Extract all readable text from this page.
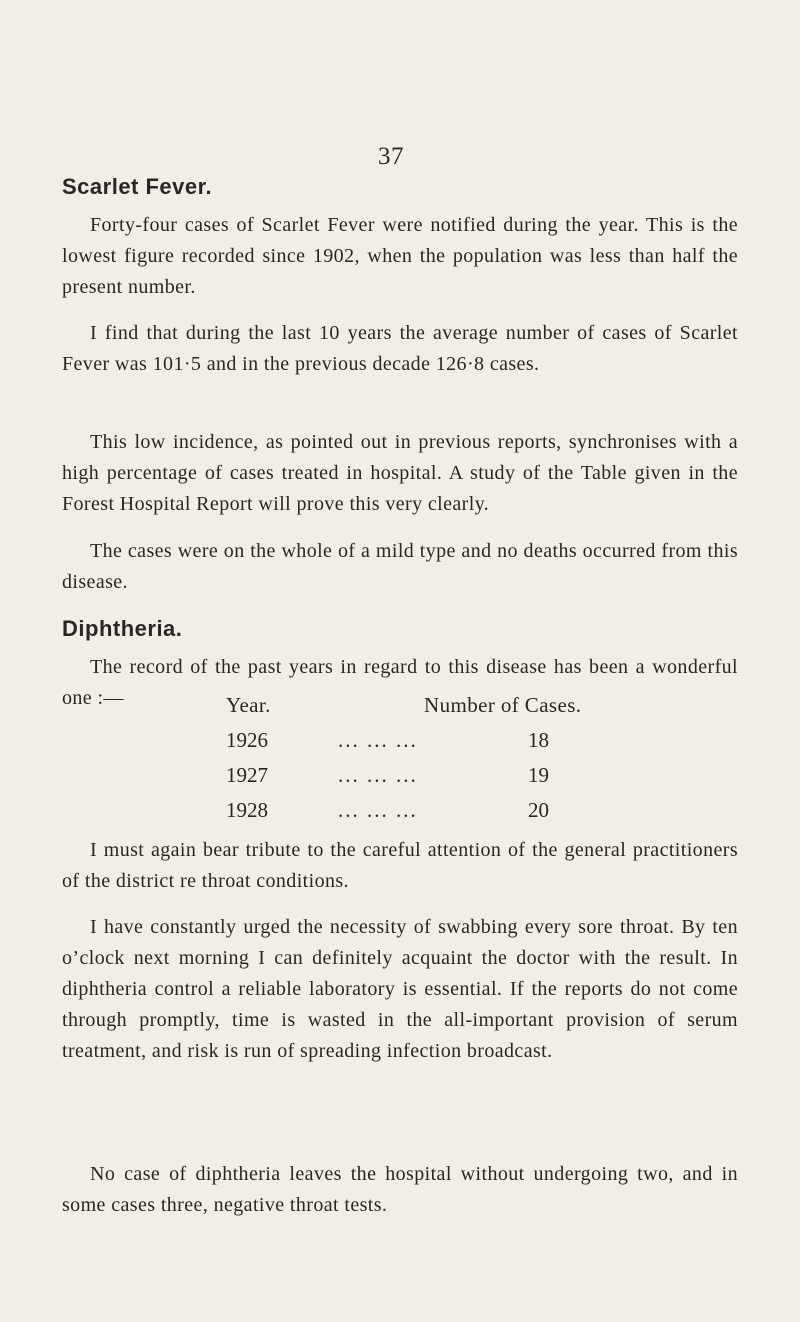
37
Scarlet Fever.

Forty-four cases of Scarlet Fever were notified during the year. This is the lowest figure recorded since 1902, when the population was less than half the present number.

I find that during the last 10 years the average number of cases of Scarlet Fever was 101·5 and in the previous decade 126·8 cases.

This low incidence, as pointed out in previous reports, synchronises with a high percentage of cases treated in hospital. A study of the Table given in the Forest Hospital Report will prove this very clearly.

The cases were on the whole of a mild type and no deaths occurred from this disease.

Diphtheria.

The record of the past years in regard to this disease has been a wonderful one :—	Year.	Number of Cases.
1926	... ... ...	18
1927	... ... ...	19
1928	... ... ...	20

I must again bear tribute to the careful attention of the general practitioners of the district re throat conditions.

I have constantly urged the necessity of swabbing every sore throat. By ten o’clock next morning I can definitely acquaint the doctor with the result. In diphtheria control a reliable laboratory is essential. If the reports do not come through promptly, time is wasted in the all-important provision of serum treatment, and risk is run of spreading infection broadcast.

No case of diphtheria leaves the hospital without undergoing two, and in some cases three, negative throat tests.
